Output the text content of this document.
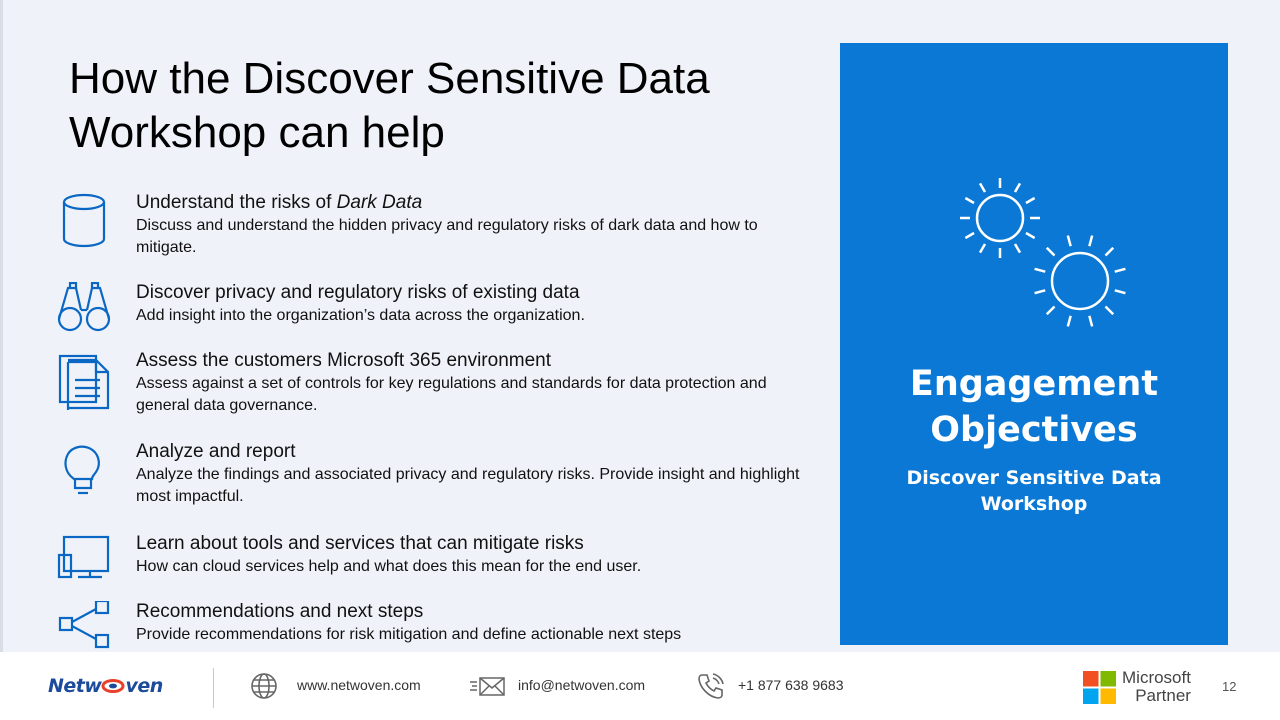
How the Discover Sensitive Data Workshop can help
Understand the risks of Dark Data
Discuss and understand the hidden privacy and regulatory risks of dark data and how to mitigate.
Discover privacy and regulatory risks of existing data
Add insight into the organization’s data across the organization.
Assess the customers Microsoft 365 environment
Assess against a set of controls for key regulations and standards for data protection and general data governance.
Analyze and report
Analyze the findings and associated privacy and regulatory risks. Provide insight and highlight most impactful.
Learn about tools and services that can mitigate risks
How can cloud services help and what does this mean for the end user.
Recommendations and next steps
Provide recommendations for risk mitigation and define actionable next steps
Engagement
Objectives
Discover Sensitive Data
Workshop
Netw ven	www.netwoven.com	info@netwoven.com	+1 877 638 9683	Microsoft
Partner 12
